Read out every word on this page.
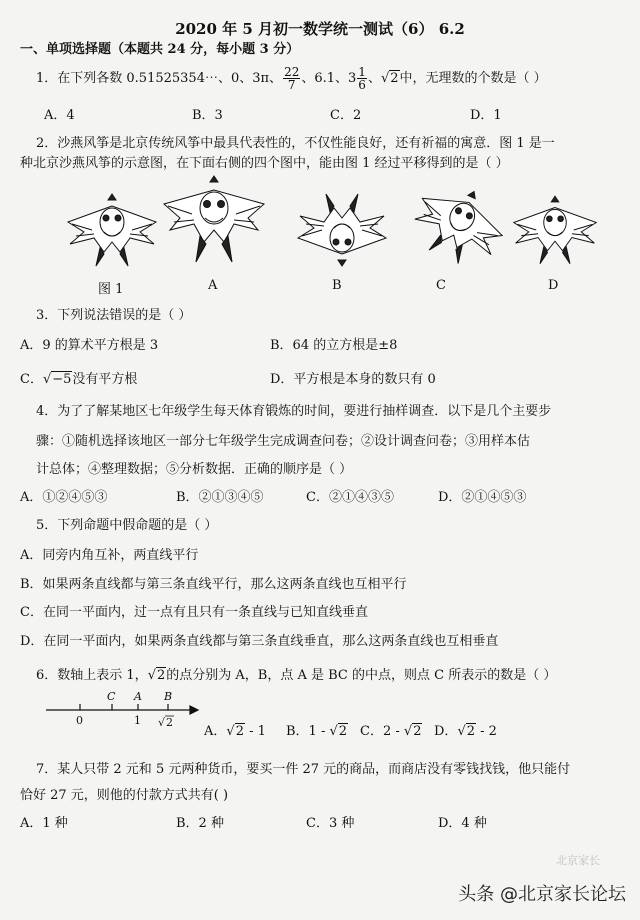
2020 年 5 月初一数学统一测试（6） 6.2
一、单项选择题（本题共 24 分，每小题 3 分）
1．在下列各数 0.51525354⋯、0、3π、 $\frac{22}{7}$ 、6.1、$3 \frac{1}{6}$ 、√2中，无理数的个数是（ ）
A．4	B．3	C．2	D．1
2．沙燕风筝是北京传统风筝中最具代表性的，不仅性能良好，还有祈福的寓意．图 1 是一
种北京沙燕风筝的示意图，在下面右侧的四个图中，能由图 1 经过平移得到的是（ ）
图 1	A	B	C	D
3．下列说法错误的是（ ）
A．9 的算术平方根是 3	B．64 的立方根是±8
C．√−5没有平方根	D．平方根是本身的数只有 0
4．为了了解某地区七年级学生每天体育锻炼的时间，要进行抽样调查．以下是几个主要步
骤：①随机选择该地区一部分七年级学生完成调查问卷；②设计调查问卷；③用样本估
计总体；④整理数据；⑤分析数据．正确的顺序是（ ）
A．①②④⑤③	B．②①③④⑤	C．②①④③⑤	D．②①④⑤③
5．下列命题中假命题的是（ ）
A．同旁内角互补，两直线平行
B．如果两条直线都与第三条直线平行，那么这两条直线也互相平行
C．在同一平面内，过一点有且只有一条直线与已知直线垂直
D．在同一平面内，如果两条直线都与第三条直线垂直，那么这两条直线也互相垂直
6．数轴上表示 1，√2的点分别为 A，B，点 A 是 BC 的中点，则点 C 所表示的数是（ ）
C A B
0	1 √ 2
A．√2 - 1 B．1 - √2 C．2 - √2 D．√2 - 2
7．某人只带 2 元和 5 元两种货币，要买一件 27 元的商品，而商店没有零钱找钱，他只能付
恰好 27 元，则他的付款方式共有( )
A．1 种	B．2 种	C．3 种	D．4 种
北京家长
头条 @北京家长论坛
